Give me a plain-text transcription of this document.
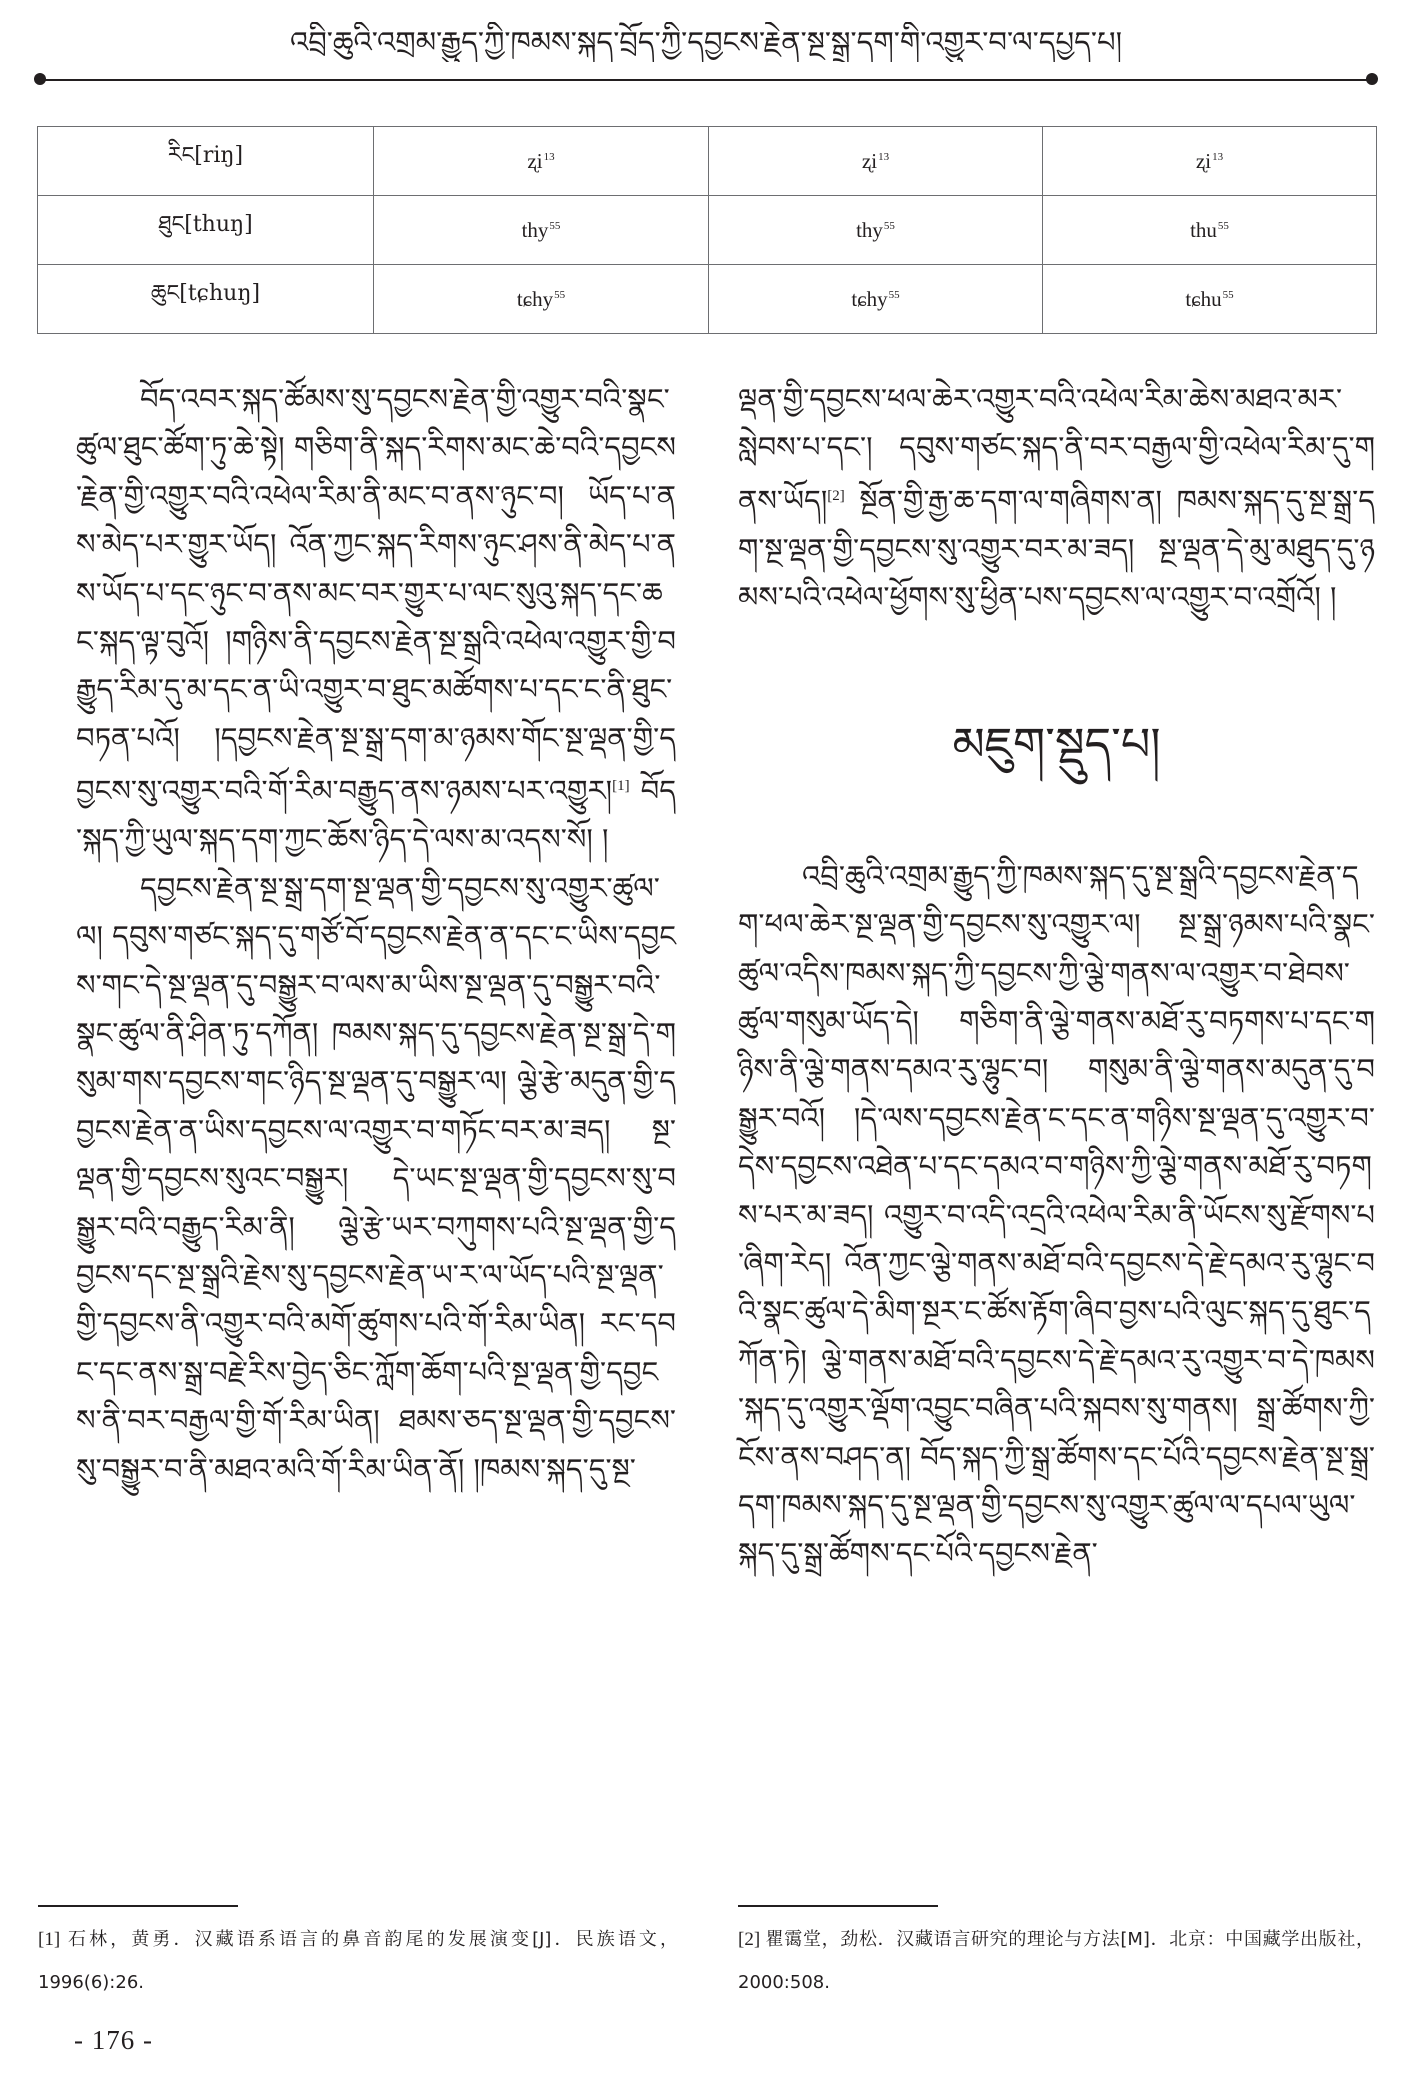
འབྲི་ཆུའི་འགྲམ་རྒྱུད་ཀྱི་ཁམས་སྐད་བྲོད་ཀྱི་དབྱངས་རྗེན་སྔ་སྒྲ་དག་གི་འགྱུར་བ་ལ་དཔྱད་པ།
རིང[riŋ]	ʐi$^{13}$	ʐi$^{13}$	ʐi$^{13}$
ཐུང[thuŋ]	thy$^{55}$	thy$^{55}$	thu$^{55}$
ཆུང[tɕhuŋ]	tɕhy$^{55}$	tɕhy$^{55}$	tɕhu$^{55}$

བོད་འབར་སྐད་ཚོམས་སུ་དབྱངས་རྗེན་གྱི་འགྱུར་བའི་སྣང་ཚུལ་ཐུང་ཚོག་ཏུ་ཆེ་སྟེ། གཅིག་ནི་སྐད་རིགས་མང་ཆེ་བའི་དབྱངས་རྗེན་གྱི་འགྱུར་བའི་འཕེལ་རིམ་ནི་མང་བ་ནས་ཉུང་བ། ཡོད་པ་ནས་མེད་པར་གྱུར་ཡོད། འོན་ཀྱང་སྐད་རིགས་ཉུང་ཤས་ནི་མེད་པ་ནས་ཡོད་པ་དང་ཉུང་བ་ནས་མང་བར་གྱུར་པ་ལང་སུའུ་སྐད་དང་ཆང་སྐད་ལྟ་བུའོ། །གཉིས་ནི་དབྱངས་རྗེན་སྔ་སྒྲའི་འཕེལ་འགྱུར་གྱི་བརྒྱུད་རིམ་དུ་མ་དང་ན་ཡི་འགྱུར་བ་ཐུང་མཚོགས་པ་དང་ང་ནི་ཐུང་བཏན་པའོ། །དབྱངས་རྗེན་སྔ་སྒྲ་དག་མ་ཉམས་གོང་སྔ་ལྡན་གྱི་དབྱངས་སུ་འགྱུར་བའི་གོ་རིམ་བརྒྱུད་ནས་ཉམས་པར་འགྱུར།[1] བོད་སྐད་ཀྱི་ཡུལ་སྐད་དག་ཀྱང་ཆོས་ཉིད་དེ་ལས་མ་འདས་སོ། །

དབྱངས་རྗེན་སྔ་སྒྲ་དག་སྔ་ལྡན་གྱི་དབྱངས་སུ་འགྱུར་ཚུལ་ལ། དབུས་གཙང་སྐད་དུ་གཙོ་བོ་དབྱངས་རྗེན་ན་དང་ང་ཡིས་དབྱངས་གང་དེ་སྔ་ལྡན་དུ་བསྒྱུར་བ་ལས་མ་ཡིས་སྔ་ལྡན་དུ་བསྒྱུར་བའི་སྣང་ཚུལ་ནི་ཤིན་ཏུ་དཀོན། ཁམས་སྐད་དུ་དབྱངས་རྗེན་སྔ་སྒྲ་དེ་གསུམ་གས་དབྱངས་གང་ཉིད་སྔ་ལྡན་དུ་བསྒྱུར་ལ། ལྕེ་རྩེ་མདུན་གྱི་དབྱངས་རྗེན་ན་ཡིས་དབྱངས་ལ་འགྱུར་བ་གཏོང་བར་མ་ཟད། སྔ་ལྡན་གྱི་དབྱངས་སུའང་བསྒྱུར། དེ་ཡང་སྔ་ལྡན་གྱི་དབྱངས་སུ་བསྒྱུར་བའི་བརྒྱུད་རིམ་ནི། ལྕེ་རྩེ་ཡར་བཀུགས་པའི་སྔ་ལྡན་གྱི་དབྱངས་དང་སྔ་སྒྲའི་རྗེས་སུ་དབྱངས་རྗེན་ཡ་ར་ལ་ཡོད་པའི་སྔ་ལྡན་གྱི་དབྱངས་ནི་འགྱུར་བའི་མགོ་ཚུགས་པའི་གོ་རིམ་ཡིན། རང་དབང་དང་ནས་སྒྲ་བརྗེ་རིས་བྱེད་ཅིང་ཀློག་ཆོག་པའི་སྔ་ལྡན་གྱི་དབྱངས་ནི་བར་བརྒྱལ་གྱི་གོ་རིམ་ཡིན། ཐམས་ཅད་སྔ་ལྡན་གྱི་དབྱངས་སུ་བསྒྱུར་བ་ནི་མཐའ་མའི་གོ་རིམ་ཡིན་ནོ། །ཁམས་སྐད་དུ་སྔ་

ལྡན་གྱི་དབྱངས་ཕལ་ཆེར་འགྱུར་བའི་འཕེལ་རིམ་ཆེས་མཐའ་མར་སླེབས་པ་དང་། དབུས་གཙང་སྐད་ནི་བར་བརྒྱལ་གྱི་འཕེལ་རིམ་དུ་གནས་ཡོད།[2] སྔོན་གྱི་རྒྱ་ཆ་དག་ལ་གཞིགས་ན། ཁམས་སྐད་དུ་སྔ་སྒྲ་དག་སྔ་ལྡན་གྱི་དབྱངས་སུ་འགྱུར་བར་མ་ཟད། སྔ་ལྡན་དེ་མུ་མཐུད་དུ་ཉམས་པའི་འཕེལ་ཕྱོགས་སུ་ཕྱིན་པས་དབྱངས་ལ་འགྱུར་བ་འགྲོའོ། །

མཇུག་སྡུད་པ།

འབྲི་ཆུའི་འགྲམ་རྒྱུད་ཀྱི་ཁམས་སྐད་དུ་སྔ་སྒྲའི་དབྱངས་རྗེན་དག་ཕལ་ཆེར་སྔ་ལྡན་གྱི་དབྱངས་སུ་འགྱུར་ལ། སྔ་སྒྲ་ཉམས་པའི་སྣང་ཚུལ་འདིས་ཁམས་སྐད་ཀྱི་དབྱངས་ཀྱི་ལྕེ་གནས་ལ་འགྱུར་བ་ཐེབས་ཚུལ་གསུམ་ཡོད་དེ། གཅིག་ནི་ལྕེ་གནས་མཐོ་རུ་བཏགས་པ་དང་གཉིས་ནི་ལྕེ་གནས་དམའ་རུ་ལྷུང་བ། གསུམ་ནི་ལྕེ་གནས་མདུན་དུ་བསྒྱུར་བའོ། །དེ་ལས་དབྱངས་རྗེན་ང་དང་ན་གཉིས་སྔ་ལྡན་དུ་འགྱུར་བ་དེས་དབྱངས་འཐེན་པ་དང་དམའ་བ་གཉིས་ཀྱི་ལྕེ་གནས་མཐོ་རུ་བཏགས་པར་མ་ཟད། འགྱུར་བ་འདི་འདྲའི་འཕེལ་རིམ་ནི་ཡོངས་སུ་རྫོགས་པ་ཞིག་རེད། འོན་ཀྱང་ལྕེ་གནས་མཐོ་བའི་དབྱངས་དེ་རྗེ་དམའ་རུ་ལྷུང་བའི་སྣང་ཚུལ་དེ་མིག་སྔར་ང་ཚོས་རྟོག་ཞིབ་བྱས་པའི་ལུང་སྐད་དུ་ཐུང་དཀོན་ཏེ། ལྕེ་གནས་མཐོ་བའི་དབྱངས་དེ་རྗེ་དམའ་རུ་འགྱུར་བ་དེ་ཁམས་སྐད་དུ་འགྱུར་ལྡོག་འབྱུང་བཞིན་པའི་སྐབས་སུ་གནས། སྒྲ་ཚོགས་ཀྱི་ངོས་ནས་བཤད་ན། བོད་སྐད་ཀྱི་སྒྲ་ཚོགས་དང་པོའི་དབྱངས་རྗེན་སྔ་སྒྲ་དག་ཁམས་སྐད་དུ་སྔ་ལྡན་གྱི་དབྱངས་སུ་འགྱུར་ཚུལ་ལ་དཔལ་ཡུལ་སྐད་དུ་སྒྲ་ཚོགས་དང་པོའི་དབྱངས་རྗེན་

[1] 石林，黄勇．汉藏语系语言的鼻音韵尾的发展演变[J]．民族语文，1996(6):26.
[2] 瞿霭堂，劲松．汉藏语言研究的理论与方法[M]．北京：中国藏学出版社，2000:508.
- 176 -
